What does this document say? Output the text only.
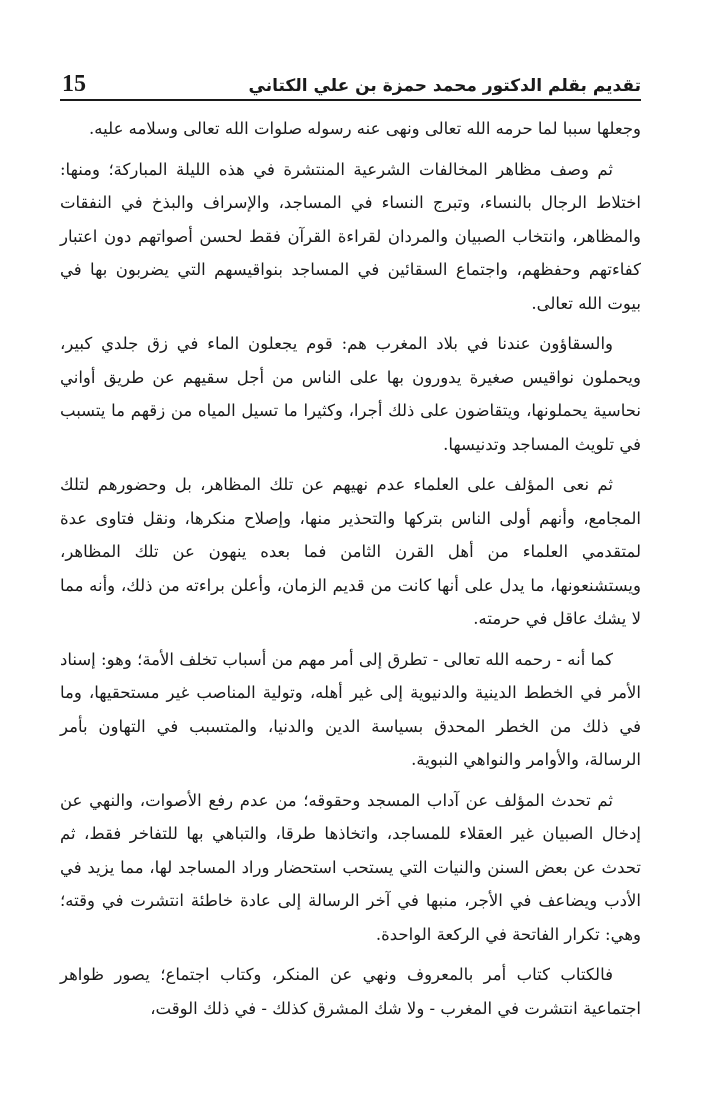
تقديم بقلم الدكتور محمد حمزة بن علي الكتاني
15

وجعلها سببا لما حرمه الله تعالى ونهى عنه رسوله صلوات الله تعالى وسلامه عليه.

ثم وصف مظاهر المخالفات الشرعية المنتشرة في هذه الليلة المباركة؛ ومنها: اختلاط الرجال بالنساء، وتبرج النساء في المساجد، والإسراف والبذخ في النفقات والمظاهر، وانتخاب الصبيان والمردان لقراءة القرآن فقط لحسن أصواتهم دون اعتبار كفاءتهم وحفظهم، واجتماع السقائين في المساجد بنواقيسهم التي يضربون بها في بيوت الله تعالى.

والسقاؤون عندنا في بلاد المغرب هم: قوم يجعلون الماء في زق جلدي كبير، ويحملون نواقيس صغيرة يدورون بها على الناس من أجل سقيهم عن طريق أواني نحاسية يحملونها، ويتقاضون على ذلك أجرا، وكثيرا ما تسيل المياه من زقهم ما يتسبب في تلويث المساجد وتدنيسها.

ثم نعى المؤلف على العلماء عدم نهيهم عن تلك المظاهر، بل وحضورهم لتلك المجامع، وأنهم أولى الناس بتركها والتحذير منها، وإصلاح منكرها، ونقل فتاوى عدة لمتقدمي العلماء من أهل القرن الثامن فما بعده ينهون عن تلك المظاهر، ويستشنعونها، ما يدل على أنها كانت من قديم الزمان، وأعلن براءته من ذلك، وأنه مما لا يشك عاقل في حرمته.

كما أنه - رحمه الله تعالى - تطرق إلى أمر مهم من أسباب تخلف الأمة؛ وهو: إسناد الأمر في الخطط الدينية والدنيوية إلى غير أهله، وتولية المناصب غير مستحقيها، وما في ذلك من الخطر المحدق بسياسة الدين والدنيا، والمتسبب في التهاون بأمر الرسالة، والأوامر والنواهي النبوية.

ثم تحدث المؤلف عن آداب المسجد وحقوقه؛ من عدم رفع الأصوات، والنهي عن إدخال الصبيان غير العقلاء للمساجد، واتخاذها طرقا، والتباهي بها للتفاخر فقط، ثم تحدث عن بعض السنن والنيات التي يستحب استحضار وراد المساجد لها، مما يزيد في الأدب ويضاعف في الأجر، منبها في آخر الرسالة إلى عادة خاطئة انتشرت في وقته؛ وهي: تكرار الفاتحة في الركعة الواحدة.

فالكتاب كتاب أمر بالمعروف ونهي عن المنكر، وكتاب اجتماع؛ يصور ظواهر اجتماعية انتشرت في المغرب - ولا شك المشرق كذلك - في ذلك الوقت،
